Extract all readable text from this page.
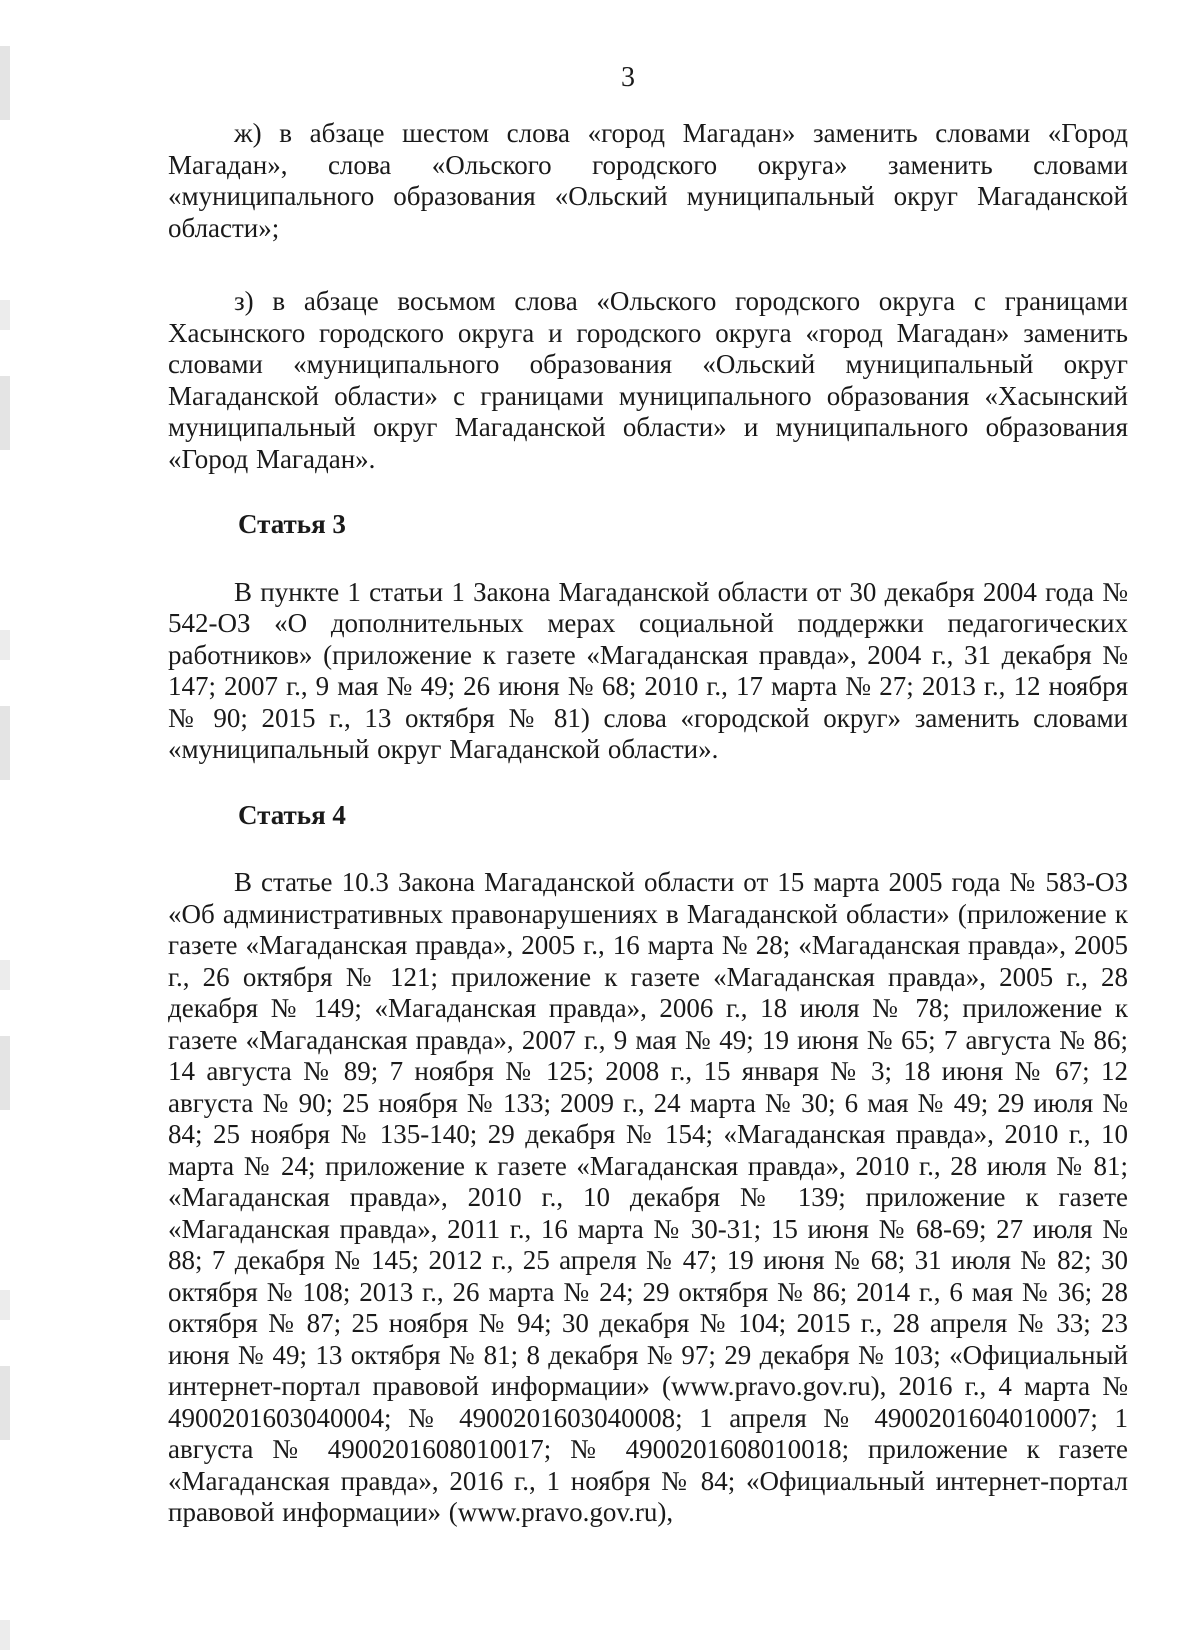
3

ж) в абзаце шестом слова «город Магадан» заменить словами «Город Магадан», слова «Ольского городского округа» заменить словами «муниципального образования «Ольский муниципальный округ Магаданской области»;

з) в абзаце восьмом слова «Ольского городского округа с границами Хасынского городского округа и городского округа «город Магадан» заменить словами «муниципального образования «Ольский муниципальный округ Магаданской области» с границами муниципального образования «Хасынский муниципальный округ Магаданской области» и муниципального образования «Город Магадан».

Статья 3

В пункте 1 статьи 1 Закона Магаданской области от 30 декабря 2004 года № 542-ОЗ «О дополнительных мерах социальной поддержки педагогических работников» (приложение к газете «Магаданская правда», 2004 г., 31 декабря № 147; 2007 г., 9 мая № 49; 26 июня № 68; 2010 г., 17 марта № 27; 2013 г., 12 ноября № 90; 2015 г., 13 октября № 81) слова «городской округ» заменить словами «муниципальный округ Магаданской области».

Статья 4

В статье 10.3 Закона Магаданской области от 15 марта 2005 года № 583-ОЗ «Об административных правонарушениях в Магаданской области» (приложение к газете «Магаданская правда», 2005 г., 16 марта № 28; «Магаданская правда», 2005 г., 26 октября № 121; приложение к газете «Магаданская правда», 2005 г., 28 декабря № 149; «Магаданская правда», 2006 г., 18 июля № 78; приложение к газете «Магаданская правда», 2007 г., 9 мая № 49; 19 июня № 65; 7 августа № 86; 14 августа № 89; 7 ноября № 125; 2008 г., 15 января № 3; 18 июня № 67; 12 августа № 90; 25 ноября № 133; 2009 г., 24 марта № 30; 6 мая № 49; 29 июля № 84; 25 ноября № 135-140; 29 декабря № 154; «Магаданская правда», 2010 г., 10 марта № 24; приложение к газете «Магаданская правда», 2010 г., 28 июля № 81; «Магаданская правда», 2010 г., 10 декабря № 139; приложение к газете «Магаданская правда», 2011 г., 16 марта № 30-31; 15 июня № 68-69; 27 июля № 88; 7 декабря № 145; 2012 г., 25 апреля № 47; 19 июня № 68; 31 июля № 82; 30 октября № 108; 2013 г., 26 марта № 24; 29 октября № 86; 2014 г., 6 мая № 36; 28 октября № 87; 25 ноября № 94; 30 декабря № 104; 2015 г., 28 апреля № 33; 23 июня № 49; 13 октября № 81; 8 декабря № 97; 29 декабря № 103; «Официальный интернет-портал правовой информации» (www.pravo.gov.ru), 2016 г., 4 марта № 4900201603040004; № 4900201603040008; 1 апреля № 4900201604010007; 1 августа № 4900201608010017; № 4900201608010018; приложение к газете «Магаданская правда», 2016 г., 1 ноября № 84; «Официальный интернет-портал правовой информации» (www.pravo.gov.ru),
